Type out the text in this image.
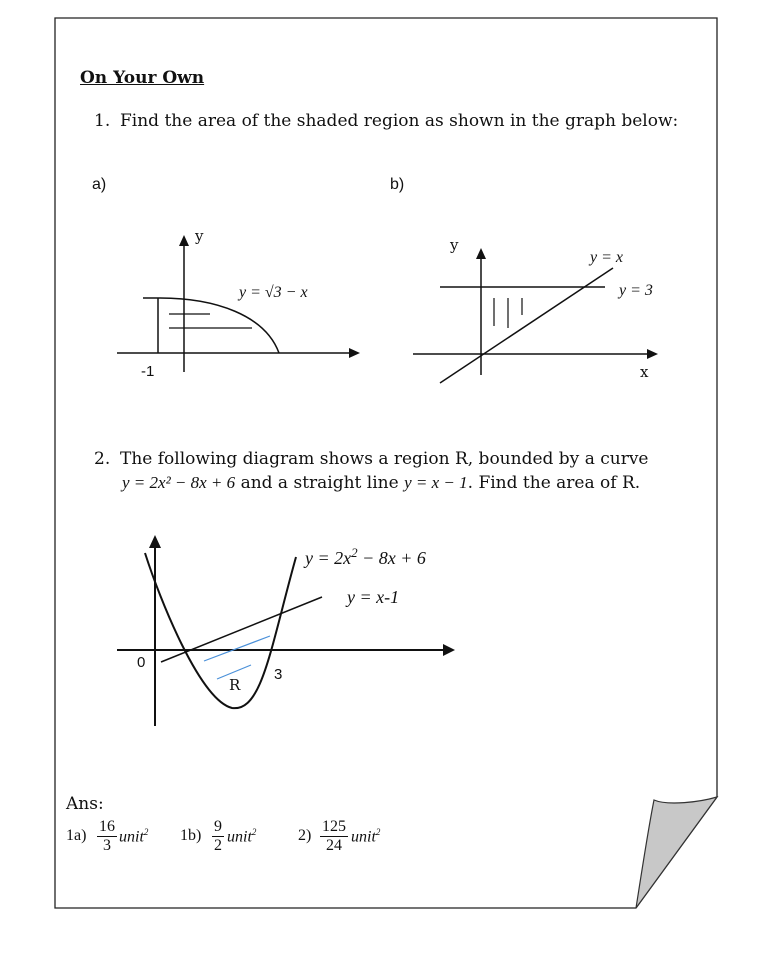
On Your Own
1. Find the area of the shaded region as shown in the graph below:
a)	b)
y
y = √3 − x
-1
y
y = x
y = 3
x
2. The following diagram shows a region R, bounded by a curve
y = 2x² − 8x + 6 and a straight line y = x − 1. Find the area of R.
$y = 2x^2 - 8x + 6$
y = x-1
0
3
R
Ans:
$1a) \frac{16}{3}$ unit$^2$ $1b) \frac{9}{2}$ unit$^2$	$2) \frac{125}{24}$ unit$^2$
